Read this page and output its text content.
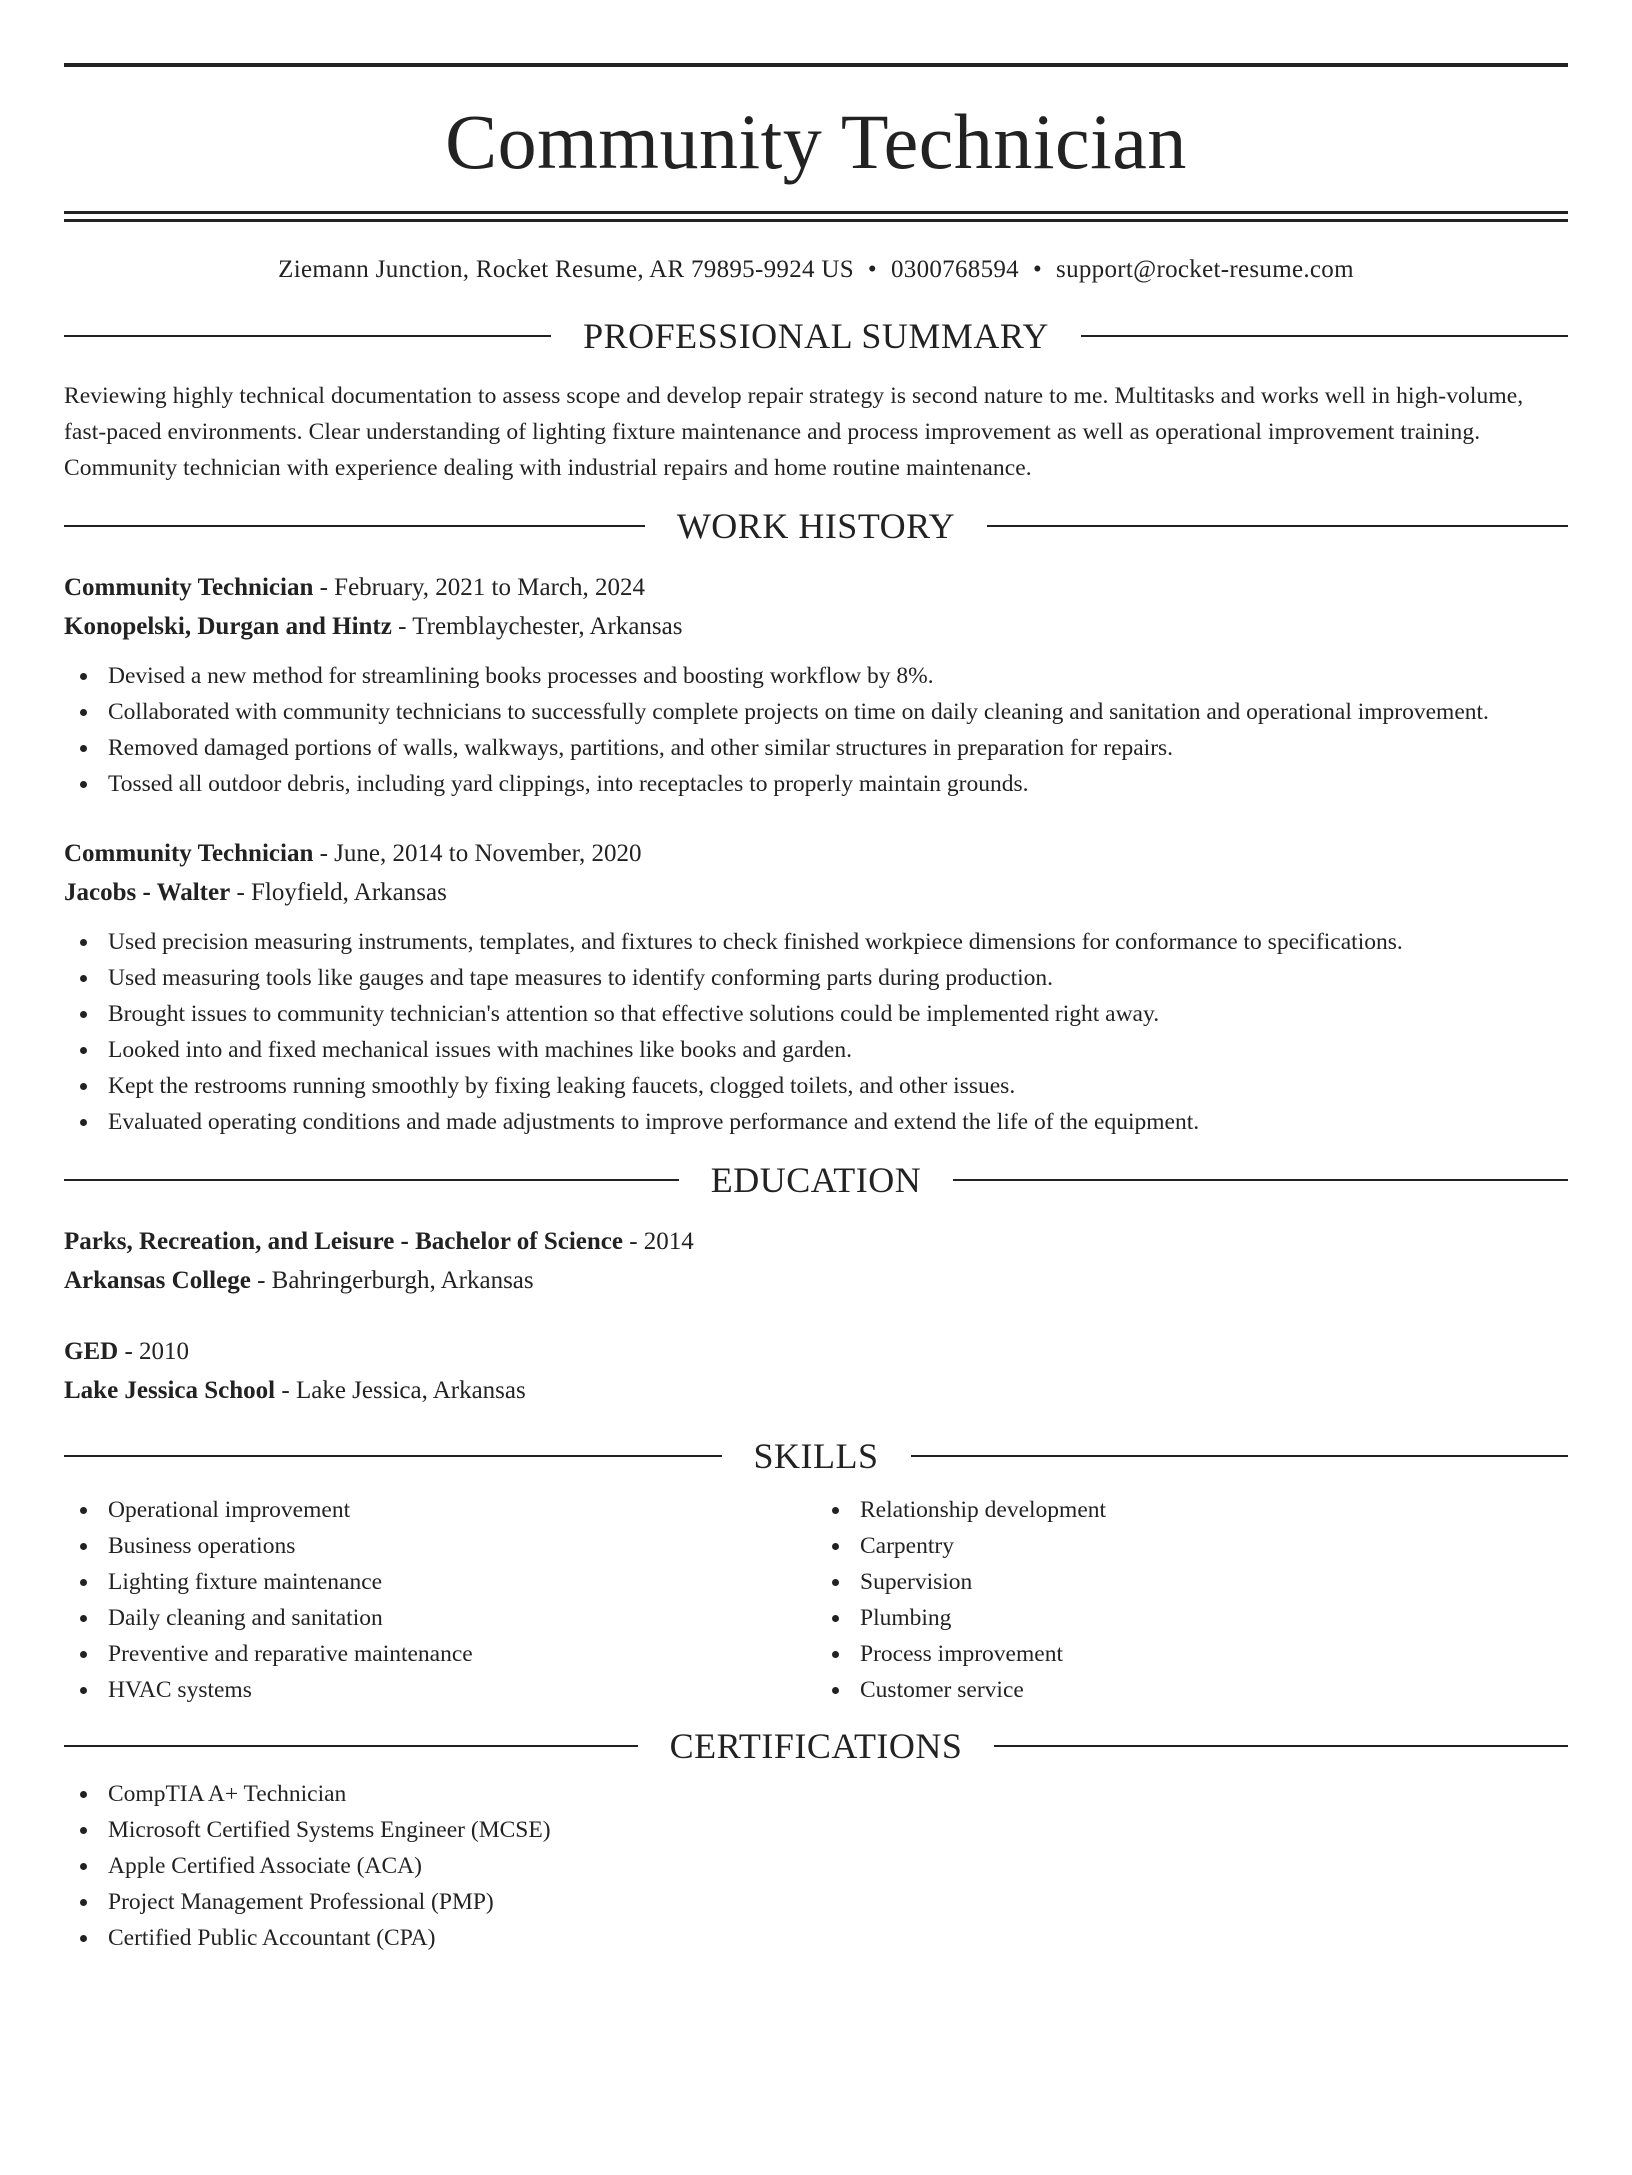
Community Technician
Ziemann Junction, Rocket Resume, AR 79895-9924 US • 0300768594 • support@rocket-resume.com
PROFESSIONAL SUMMARY
Reviewing highly technical documentation to assess scope and develop repair strategy is second nature to me. Multitasks and works well in high-volume, fast-paced environments. Clear understanding of lighting fixture maintenance and process improvement as well as operational improvement training. Community technician with experience dealing with industrial repairs and home routine maintenance.
WORK HISTORY
Community Technician - February, 2021 to March, 2024
Konopelski, Durgan and Hintz - Tremblaychester, Arkansas
Devised a new method for streamlining books processes and boosting workflow by 8%.
Collaborated with community technicians to successfully complete projects on time on daily cleaning and sanitation and operational improvement.
Removed damaged portions of walls, walkways, partitions, and other similar structures in preparation for repairs.
Tossed all outdoor debris, including yard clippings, into receptacles to properly maintain grounds.
Community Technician - June, 2014 to November, 2020
Jacobs - Walter - Floyfield, Arkansas
Used precision measuring instruments, templates, and fixtures to check finished workpiece dimensions for conformance to specifications.
Used measuring tools like gauges and tape measures to identify conforming parts during production.
Brought issues to community technician's attention so that effective solutions could be implemented right away.
Looked into and fixed mechanical issues with machines like books and garden.
Kept the restrooms running smoothly by fixing leaking faucets, clogged toilets, and other issues.
Evaluated operating conditions and made adjustments to improve performance and extend the life of the equipment.
EDUCATION
Parks, Recreation, and Leisure - Bachelor of Science - 2014
Arkansas College - Bahringerburgh, Arkansas
GED - 2010
Lake Jessica School - Lake Jessica, Arkansas
SKILLS
Operational improvement
Business operations
Lighting fixture maintenance
Daily cleaning and sanitation
Preventive and reparative maintenance
HVAC systems
Relationship development
Carpentry
Supervision
Plumbing
Process improvement
Customer service
CERTIFICATIONS
CompTIA A+ Technician
Microsoft Certified Systems Engineer (MCSE)
Apple Certified Associate (ACA)
Project Management Professional (PMP)
Certified Public Accountant (CPA)
